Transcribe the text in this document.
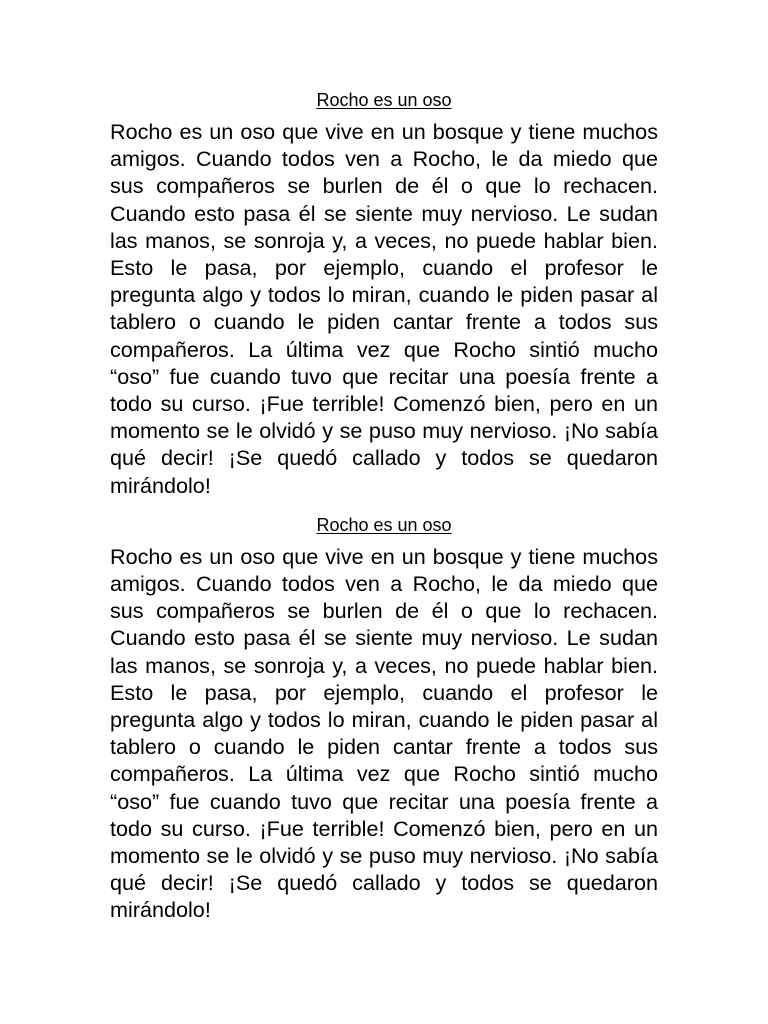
Rocho es un oso

Rocho es un oso que vive en un bosque y tiene muchos amigos. Cuando todos ven a Rocho, le da miedo que sus compañeros se burlen de él o que lo rechacen. Cuando esto pasa él se siente muy nervioso. Le sudan las manos, se sonroja y, a veces, no puede hablar bien. Esto le pasa, por ejemplo, cuando el profesor le pregunta algo y todos lo miran, cuando le piden pasar al tablero o cuando le piden cantar frente a todos sus compañeros. La última vez que Rocho sintió mucho “oso” fue cuando tuvo que recitar una poesía frente a todo su curso. ¡Fue terrible! Comenzó bien, pero en un momento se le olvidó y se puso muy nervioso. ¡No sabía qué decir! ¡Se quedó callado y todos se quedaron mirándolo!

Rocho es un oso

Rocho es un oso que vive en un bosque y tiene muchos amigos. Cuando todos ven a Rocho, le da miedo que sus compañeros se burlen de él o que lo rechacen. Cuando esto pasa él se siente muy nervioso. Le sudan las manos, se sonroja y, a veces, no puede hablar bien. Esto le pasa, por ejemplo, cuando el profesor le pregunta algo y todos lo miran, cuando le piden pasar al tablero o cuando le piden cantar frente a todos sus compañeros. La última vez que Rocho sintió mucho “oso” fue cuando tuvo que recitar una poesía frente a todo su curso. ¡Fue terrible! Comenzó bien, pero en un momento se le olvidó y se puso muy nervioso. ¡No sabía qué decir! ¡Se quedó callado y todos se quedaron mirándolo!
